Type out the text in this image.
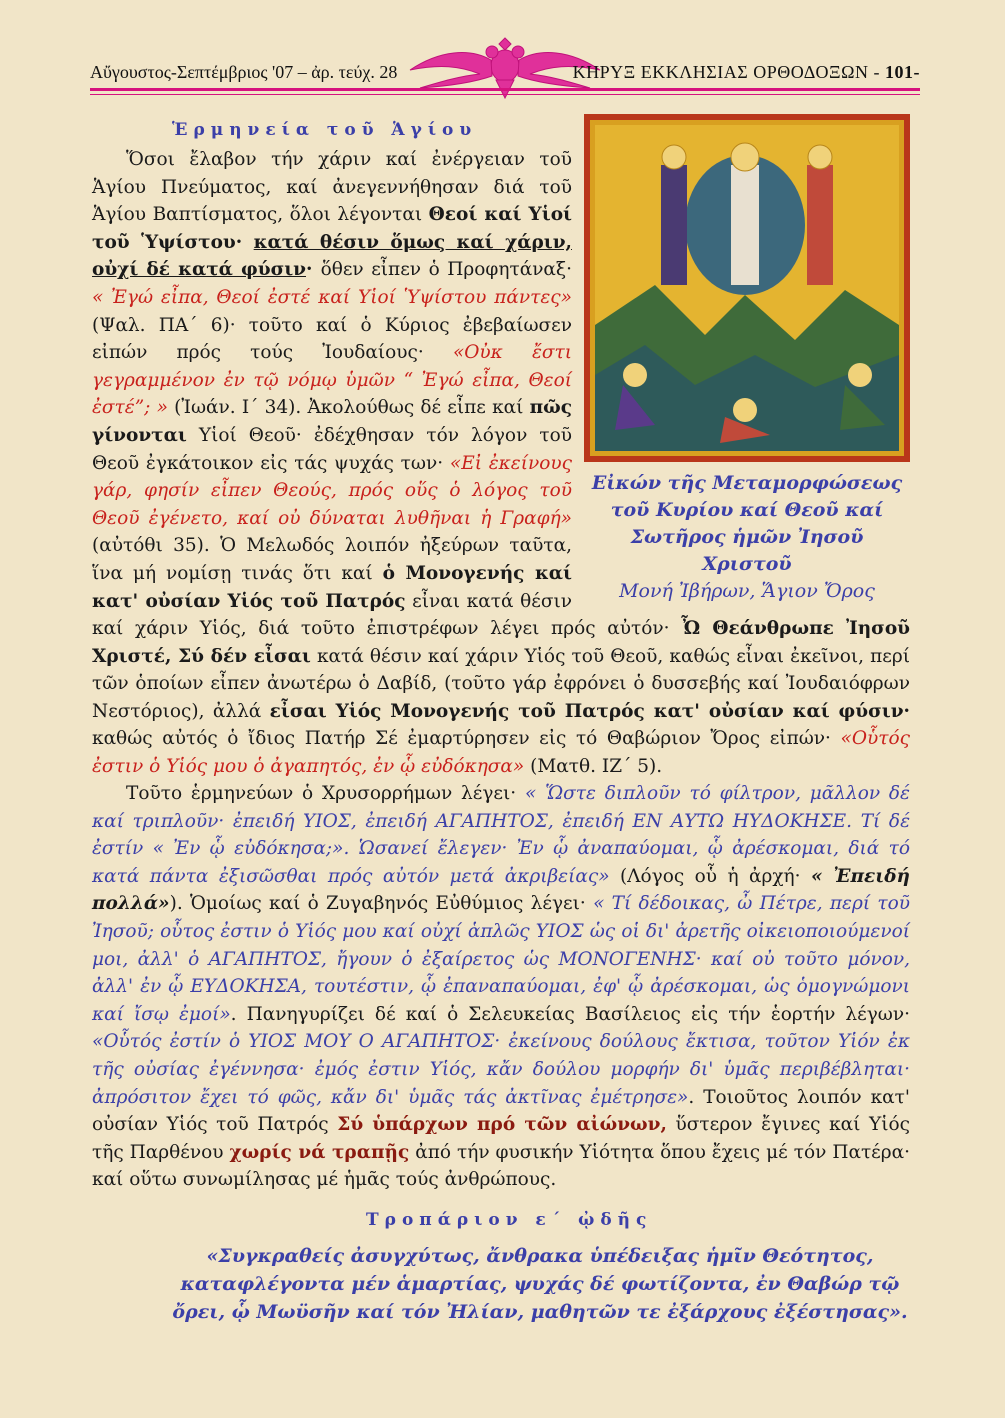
Αὔγουστος-Σεπτέμβριος '07 – ἀρ. τεύχ. 28	ΚΗΡΥΞ ΕΚΚΛΗΣΙΑΣ ΟΡΘΟΔΟΞΩΝ - 101-
Ἑρμηνεία τοῦ Ἁγίου
Εἰκών τῆς Μεταμορφώσεως
τοῦ Κυρίου καί Θεοῦ καί
Σωτῆρος ἡμῶν Ἰησοῦ Χριστοῦ
Μονή Ἰβήρων, Ἅγιον Ὄρος
Ὅσοι ἔλαβον τήν χάριν καί ἐνέργειαν τοῦ Ἁγίου Πνεύματος, καί ἀνεγεννήθησαν διά τοῦ Ἁγίου Βαπτίσματος, ὅλοι λέγονται Θεοί καί Υἱοί τοῦ Ὑψίστου· κατά θέσιν ὅμως καί χάριν, οὐχί δέ κατά φύσιν· ὅθεν εἶπεν ὁ Προφητάναξ· « Ἐγώ εἶπα, Θεοί ἐστέ καί Υἱοί Ὑψίστου πάντες» (Ψαλ. ΠΑ΄ 6)· τοῦτο καί ὁ Κύριος ἐβεβαίωσεν εἰπών πρός τούς Ἰουδαίους· «Οὐκ ἔστι γεγραμμένον ἐν τῷ νόμῳ ὑμῶν “ Ἐγώ εἶπα, Θεοί ἐστέ”; » (Ἰωάν. Ι΄ 34). Ἀκολούθως δέ εἶπε καί πῶς γίνονται Υἱοί Θεοῦ· ἐδέχθησαν τόν λόγον τοῦ Θεοῦ ἐγκάτοικον εἰς τάς ψυχάς των· «Εἰ ἐκείνους γάρ, φησίν εἶπεν Θεούς, πρός οὕς ὁ λόγος τοῦ Θεοῦ ἐγένετο, καί οὐ δύναται λυθῆναι ἡ Γραφή» (αὐτόθι 35). Ὁ Μελωδός λοιπόν ἠξεύρων ταῦτα, ἵνα μή νομίσῃ τινάς ὅτι καί ὁ Μονογενής καί κατ' οὐσίαν Υἱός τοῦ Πατρός εἶναι κατά θέσιν καί χάριν Υἱός, διά τοῦτο ἐπιστρέφων λέγει πρός αὐτόν· Ὦ Θεάνθρωπε Ἰησοῦ Χριστέ, Σύ δέν εἶσαι κατά θέσιν καί χάριν Υἱός τοῦ Θεοῦ, καθώς εἶναι ἐκεῖνοι, περί τῶν ὁποίων εἶπεν ἀνωτέρω ὁ Δαβίδ, (τοῦτο γάρ ἐφρόνει ὁ δυσσεβής καί Ἰουδαιόφρων Νεστόριος), ἀλλά εἶσαι Υἱός Μονογενής τοῦ Πατρός κατ' οὐσίαν καί φύσιν· καθώς αὐτός ὁ ἴδιος Πατήρ Σέ ἐμαρτύρησεν εἰς τό Θαβώριον Ὄρος εἰπών· «Οὗτός ἐστιν ὁ Υἱός μου ὁ ἀγαπητός, ἐν ᾧ εὐδόκησα» (Ματθ. ΙΖ΄ 5).
Τοῦτο ἑρμηνεύων ὁ Χρυσορρήμων λέγει· « Ὥστε διπλοῦν τό φίλτρον, μᾶλλον δέ καί τριπλοῦν· ἐπειδή ΥΙΟΣ, ἐπειδή ΑΓΑΠΗΤΟΣ, ἐπειδή ΕΝ ΑΥΤΩ ΗΥΔΟΚΗΣΕ. Τί δέ ἐστίν « Ἐν ᾧ εὐδόκησα;». Ὡσανεί ἔλεγεν· Ἐν ᾧ ἀναπαύομαι, ᾧ ἀρέσκομαι, διά τό κατά πάντα ἐξισῶσθαι πρός αὐτόν μετά ἀκριβείας» (Λόγος οὗ ἡ ἀρχή· « Ἐπειδή πολλά»). Ὁμοίως καί ὁ Ζυγαβηνός Εὐθύμιος λέγει· « Τί δέδοικας, ὦ Πέτρε, περί τοῦ Ἰησοῦ; οὗτος ἐστιν ὁ Υἱός μου καί οὐχί ἁπλῶς ΥΙΟΣ ὡς οἱ δι' ἀρετῆς οἰκειοποιούμενοί μοι, ἀλλ' ὁ ΑΓΑΠΗΤΟΣ, ἤγουν ὁ ἐξαίρετος ὡς ΜΟΝΟΓΕΝΗΣ· καί οὐ τοῦτο μόνον, ἀλλ' ἐν ᾧ ΕΥΔΟΚΗΣΑ, τουτέστιν, ᾧ ἐπαναπαύομαι, ἐφ' ᾧ ἀρέσκομαι, ὡς ὁμογνώμονι καί ἴσῳ ἐμοί». Πανηγυρίζει δέ καί ὁ Σελευκείας Βασίλειος εἰς τήν ἑορτήν λέγων· «Οὗτός ἐστίν ὁ ΥΙΟΣ ΜΟΥ Ο ΑΓΑΠΗΤΟΣ· ἐκείνους δούλους ἔκτισα, τοῦτον Υἱόν ἐκ τῆς οὐσίας ἐγέννησα· ἐμός ἐστιν Υἱός, κἄν δούλου μορφήν δι' ὑμᾶς περιβέβληται· ἀπρόσιτον ἔχει τό φῶς, κἄν δι' ὑμᾶς τάς ἀκτῖνας ἐμέτρησε». Τοιοῦτος λοιπόν κατ' οὐσίαν Υἱός τοῦ Πατρός Σύ ὑπάρχων πρό τῶν αἰώνων, ὕστερον ἔγινες καί Υἱός τῆς Παρθένου χωρίς νά τραπῇς ἀπό τήν φυσικήν Υἱότητα ὅπου ἔχεις μέ τόν Πατέρα· καί οὕτω συνωμίλησας μέ ἡμᾶς τούς ἀνθρώπους.
Τροπάριον ε΄ ᾠδῆς
«Συγκραθείς ἀσυγχύτως, ἄνθρακα ὑπέδειξας ἡμῖν Θεότητος, καταφλέγοντα μέν ἁμαρτίας, ψυχάς δέ φωτίζοντα, ἐν Θαβώρ τῷ ὄρει, ᾧ Μωϋσῆν καί τόν Ἠλίαν, μαθητῶν τε ἐξάρχους ἐξέστησας».
